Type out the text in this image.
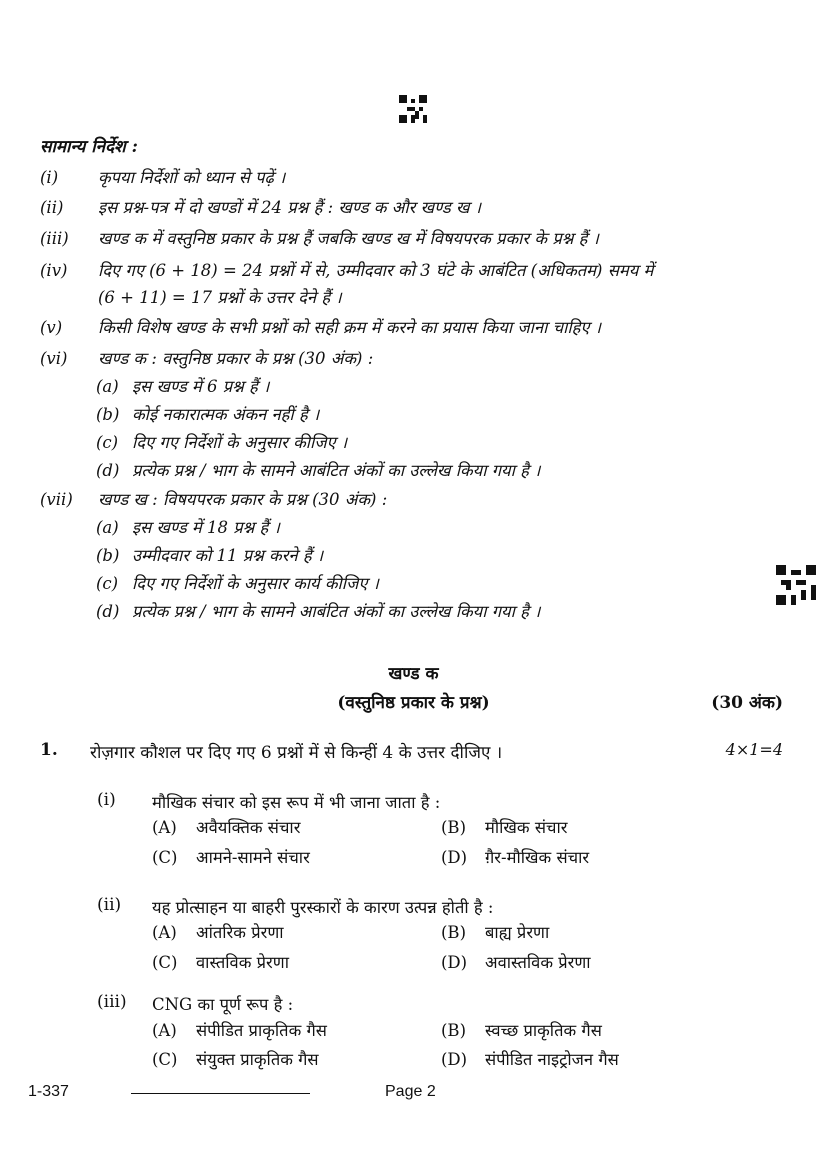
सामान्य निर्देश :
(i) कृपया निर्देशों को ध्यान से पढ़ें ।
(ii) इस प्रश्न-पत्र में दो खण्डों में 24 प्रश्न हैं : खण्ड क और खण्ड ख ।
(iii) खण्ड क में वस्तुनिष्ठ प्रकार के प्रश्न हैं जबकि खण्ड ख में विषयपरक प्रकार के प्रश्न हैं ।
(iv) दिए गए (6 + 18) = 24 प्रश्नों में से, उम्मीदवार को 3 घंटे के आबंटित (अधिकतम) समय में
(6 + 11) = 17 प्रश्नों के उत्तर देने हैं ।
(v) किसी विशेष खण्ड के सभी प्रश्नों को सही क्रम में करने का प्रयास किया जाना चाहिए ।
(vi) खण्ड क : वस्तुनिष्ठ प्रकार के प्रश्न (30 अंक) :
(a) इस खण्ड में 6 प्रश्न हैं ।
(b) कोई नकारात्मक अंकन नहीं है ।
(c) दिए गए निर्देशों के अनुसार कीजिए ।
(d) प्रत्येक प्रश्न / भाग के सामने आबंटित अंकों का उल्लेख किया गया है ।
(vii) खण्ड ख : विषयपरक प्रकार के प्रश्न (30 अंक) :
(a) इस खण्ड में 18 प्रश्न हैं ।
(b) उम्मीदवार को 11 प्रश्न करने हैं ।
(c) दिए गए निर्देशों के अनुसार कार्य कीजिए ।
(d) प्रत्येक प्रश्न / भाग के सामने आबंटित अंकों का उल्लेख किया गया है ।
खण्ड क
(वस्तुनिष्ठ प्रकार के प्रश्न)	(30 अंक)
1. रोज़गार कौशल पर दिए गए 6 प्रश्नों में से किन्हीं 4 के उत्तर दीजिए ।	4×1=4
(i) मौखिक संचार को इस रूप में भी जाना जाता है :
(A) अवैयक्तिक संचार	(B) मौखिक संचार
(C) आमने-सामने संचार	(D) ग़ैर-मौखिक संचार
(ii) यह प्रोत्साहन या बाहरी पुरस्कारों के कारण उत्पन्न होती है :
(A) आंतरिक प्रेरणा	(B) बाह्य प्रेरणा
(C) वास्तविक प्रेरणा	(D) अवास्तविक प्रेरणा
(iii) CNG का पूर्ण रूप है :
(A) संपीडित प्राकृतिक गैस	(B) स्वच्छ प्राकृतिक गैस
(C) संयुक्त प्राकृतिक गैस	(D) संपीडित नाइट्रोजन गैस
1-337	Page 2
